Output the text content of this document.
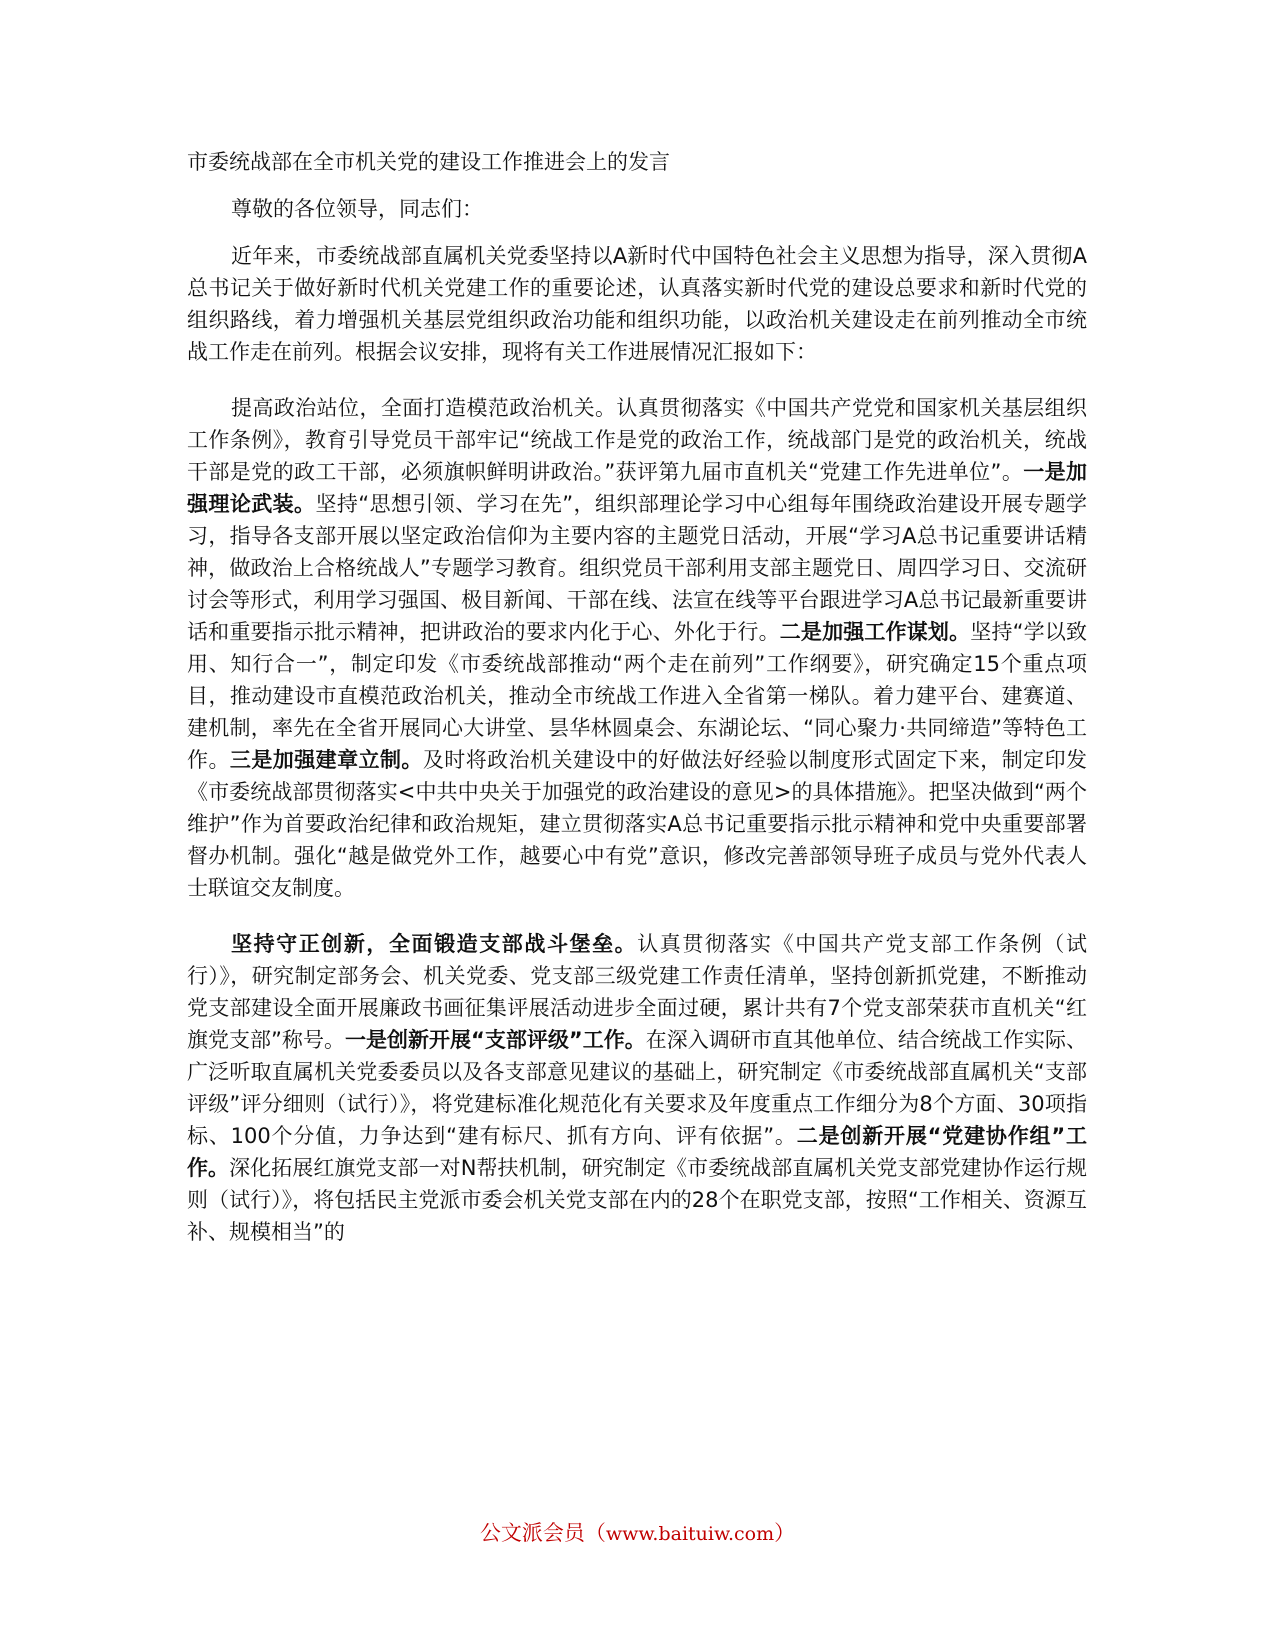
市委统战部在全市机关党的建设工作推进会上的发言
尊敬的各位领导，同志们：

近年来，市委统战部直属机关党委坚持以A新时代中国特色社会主义思想为指导，深入贯彻A总书记关于做好新时代机关党建工作的重要论述，认真落实新时代党的建设总要求和新时代党的组织路线，着力增强机关基层党组织政治功能和组织功能，以政治机关建设走在前列推动全市统战工作走在前列。根据会议安排，现将有关工作进展情况汇报如下：

提高政治站位，全面打造模范政治机关。认真贯彻落实《中国共产党党和国家机关基层组织工作条例》，教育引导党员干部牢记“统战工作是党的政治工作，统战部门是党的政治机关，统战干部是党的政工干部，必须旗帜鲜明讲政治。”获评第九届市直机关“党建工作先进单位”。一是加强理论武装。坚持“思想引领、学习在先”，组织部理论学习中心组每年围绕政治建设开展专题学习，指导各支部开展以坚定政治信仰为主要内容的主题党日活动，开展“学习A总书记重要讲话精神，做政治上合格统战人”专题学习教育。组织党员干部利用支部主题党日、周四学习日、交流研讨会等形式，利用学习强国、极目新闻、干部在线、法宣在线等平台跟进学习A总书记最新重要讲话和重要指示批示精神，把讲政治的要求内化于心、外化于行。二是加强工作谋划。坚持“学以致用、知行合一”，制定印发《市委统战部推动“两个走在前列”工作纲要》，研究确定15个重点项目，推动建设市直模范政治机关，推动全市统战工作进入全省第一梯队。着力建平台、建赛道、建机制，率先在全省开展同心大讲堂、昙华林圆桌会、东湖论坛、“同心聚力·共同缔造”等特色工作。三是加强建章立制。及时将政治机关建设中的好做法好经验以制度形式固定下来，制定印发《市委统战部贯彻落实<中共中央关于加强党的政治建设的意见>的具体措施》。把坚决做到“两个维护”作为首要政治纪律和政治规矩，建立贯彻落实A总书记重要指示批示精神和党中央重要部署督办机制。强化“越是做党外工作，越要心中有党”意识，修改完善部领导班子成员与党外代表人士联谊交友制度。

坚持守正创新，全面锻造支部战斗堡垒。认真贯彻落实《中国共产党支部工作条例（试行）》，研究制定部务会、机关党委、党支部三级党建工作责任清单，坚持创新抓党建，不断推动党支部建设全面开展廉政书画征集评展活动进步全面过硬，累计共有7个党支部荣获市直机关“红旗党支部”称号。一是创新开展“支部评级”工作。在深入调研市直其他单位、结合统战工作实际、广泛听取直属机关党委委员以及各支部意见建议的基础上，研究制定《市委统战部直属机关“支部评级”评分细则（试行）》，将党建标准化规范化有关要求及年度重点工作细分为8个方面、30项指标、100个分值，力争达到“建有标尺、抓有方向、评有依据”。二是创新开展“党建协作组”工作。深化拓展红旗党支部一对N帮扶机制，研究制定《市委统战部直属机关党支部党建协作运行规则（试行）》，将包括民主党派市委会机关党支部在内的28个在职党支部，按照“工作相关、资源互补、规模相当”的

公文派会员（www.baituiw.com）
